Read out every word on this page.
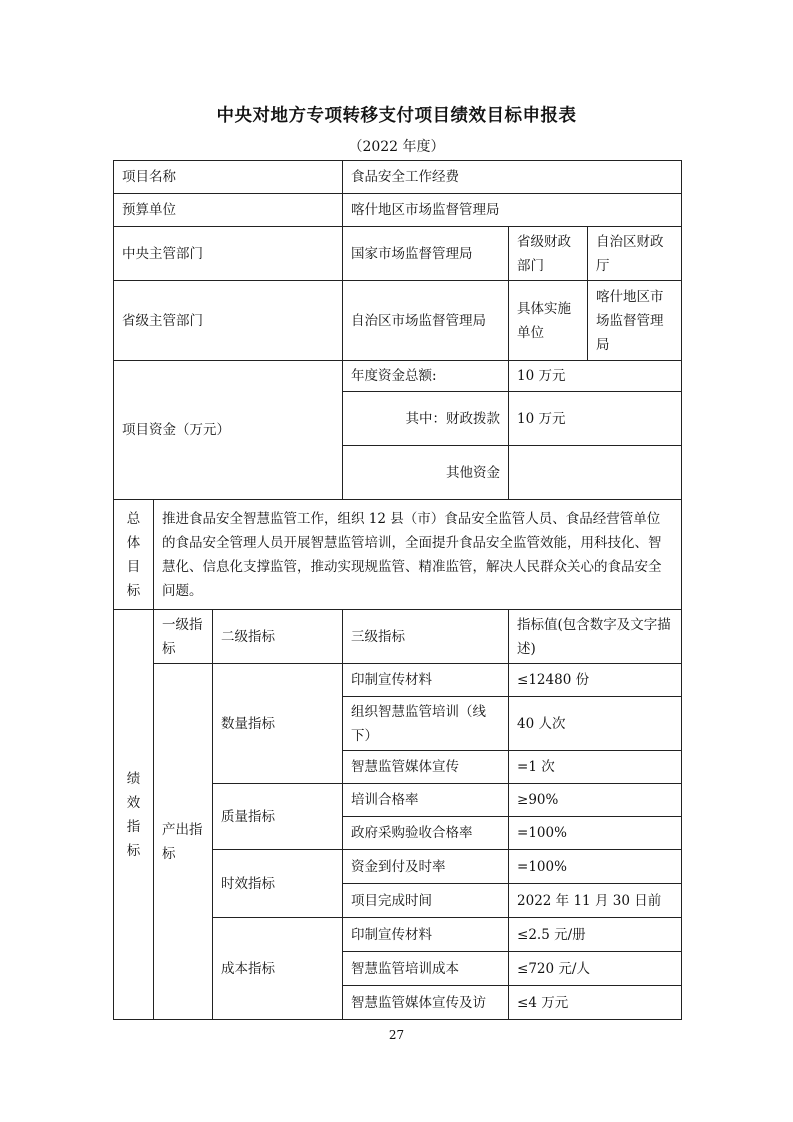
中央对地方专项转移支付项目绩效目标申报表
（2022 年度）
项目名称			食品安全工作经费		
预算单位			喀什地区市场监督管理局		
中央主管部门			国家市场监督管理局	省级财政部门	自治区财政厅
省级主管部门			自治区市场监督管理局	具体实施单位	喀什地区市场监督管理局
项目资金（万元）			年度资金总额:	10 万元	
			其中：财政拨款	10 万元	
			其他资金		
总体目标	推进食品安全智慧监管工作，组织 12 县（市）食品安全监管人员、食品经营管单位的食品安全管理人员开展智慧监管培训，全面提升食品安全监管效能，用科技化、智慧化、信息化支撑监管，推动实现规监管、精准监管，解决人民群众关心的食品安全问题。				
绩效指标	一级指标	二级指标	三级指标	指标值(包含数字及文字描述)	
	产出指标	数量指标	印制宣传材料	≤12480 份	
			组织智慧监管培训（线下）	40 人次	
			智慧监管媒体宣传	=1 次	
		质量指标	培训合格率	≥90%	
			政府采购验收合格率	=100%	
		时效指标	资金到付及时率	=100%	
			项目完成时间	2022 年 11 月 30 日前	
		成本指标	印制宣传材料	≤2.5 元/册	
			智慧监管培训成本	≤720 元/人	
			智慧监管媒体宣传及访	≤4 万元	
27
